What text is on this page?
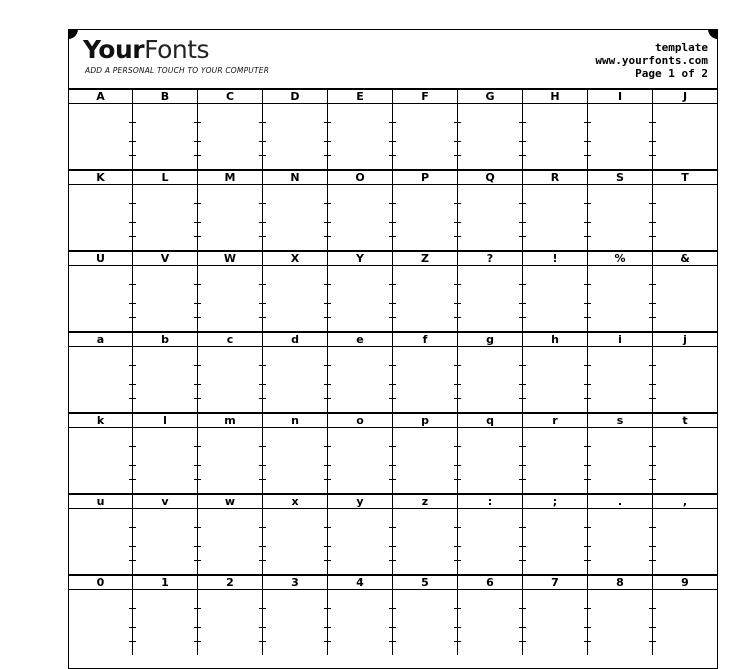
YourFonts
ADD A PERSONAL TOUCH TO YOUR COMPUTER
template
www.yourfonts.com
Page 1 of 2
A	B	C	D	E	F	G	H	I	J
K	L	M	N	O	P	Q	R	S	T
U	V	W	X	Y	Z	?	!	%	&
a	b	c	d	e	f	g	h	i	j
k	l	m	n	o	p	q	r	s	t
u	v	w	x	y	z	:	;	.	,
0	1	2	3	4	5	6	7	8	9
